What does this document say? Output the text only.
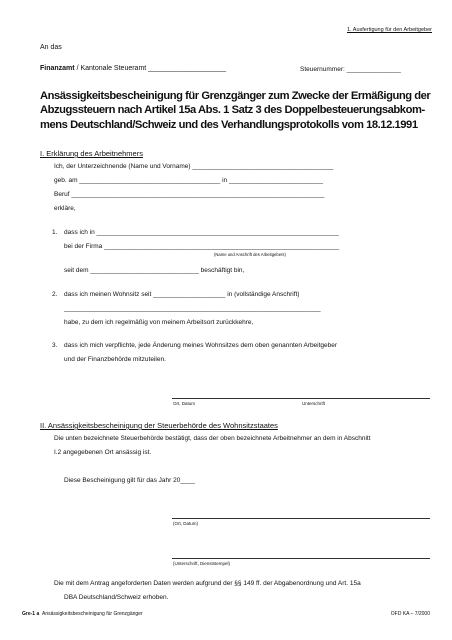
1. Ausfertigung für den Arbeitgeber
An das
Finanzamt / Kantonale Steueramt ____________________	Steuernummer: _______________
Ansässigkeitsbescheinigung für Grenzgänger zum Zwecke der Ermäßigung der
Abzugssteuern nach Artikel 15a Abs. 1 Satz 3 des Doppelbesteuerungsabkom-
mens Deutschland/Schweiz und des Verhandlungsprotokolls vom 18.12.1991
I. Erklärung des Arbeitnehmers
Ich, der Unterzeichnende (Name und Vorname) _______________________________________
geb. am _______________________________________ in __________________________
Beruf ______________________________________________________________________
erkläre,
1. dass ich in ___________________________________________________________________
bei der Firma _________________________________________________________________
(Name und Anschrift des Arbeitgebers)
seit dem ______________________________ beschäftigt bin,
2. dass ich meinen Wohnsitz seit ____________________ in (vollständige Anschrift)
_______________________________________________________________________
habe, zu dem ich regelmäßig von meinem Arbeitsort zurückkehre,
3. dass ich mich verpflichte, jede Änderung meines Wohnsitzes dem oben genannten Arbeitgeber
und der Finanzbehörde mitzuteilen.
Ort, Datum	Unterschrift
II. Ansässigkeitsbescheinigung der Steuerbehörde des Wohnsitzstaates
Die unten bezeichnete Steuerbehörde bestätigt, dass der oben bezeichnete Arbeitnehmer an dem in Abschnitt
I.2 angegebenen Ort ansässig ist.
Diese Bescheinigung gilt für das Jahr 20____
(Ort, Datum)
(Unterschrift, Dienststempel)
Die mit dem Antrag angeforderten Daten werden aufgrund der §§ 149 ff. der Abgabenordnung und Art. 15a
DBA Deutschland/Schweiz erhoben.
Gre-1 a Ansässigkeitsbescheinigung für Grenzgänger	OFD KA – 7/2000
